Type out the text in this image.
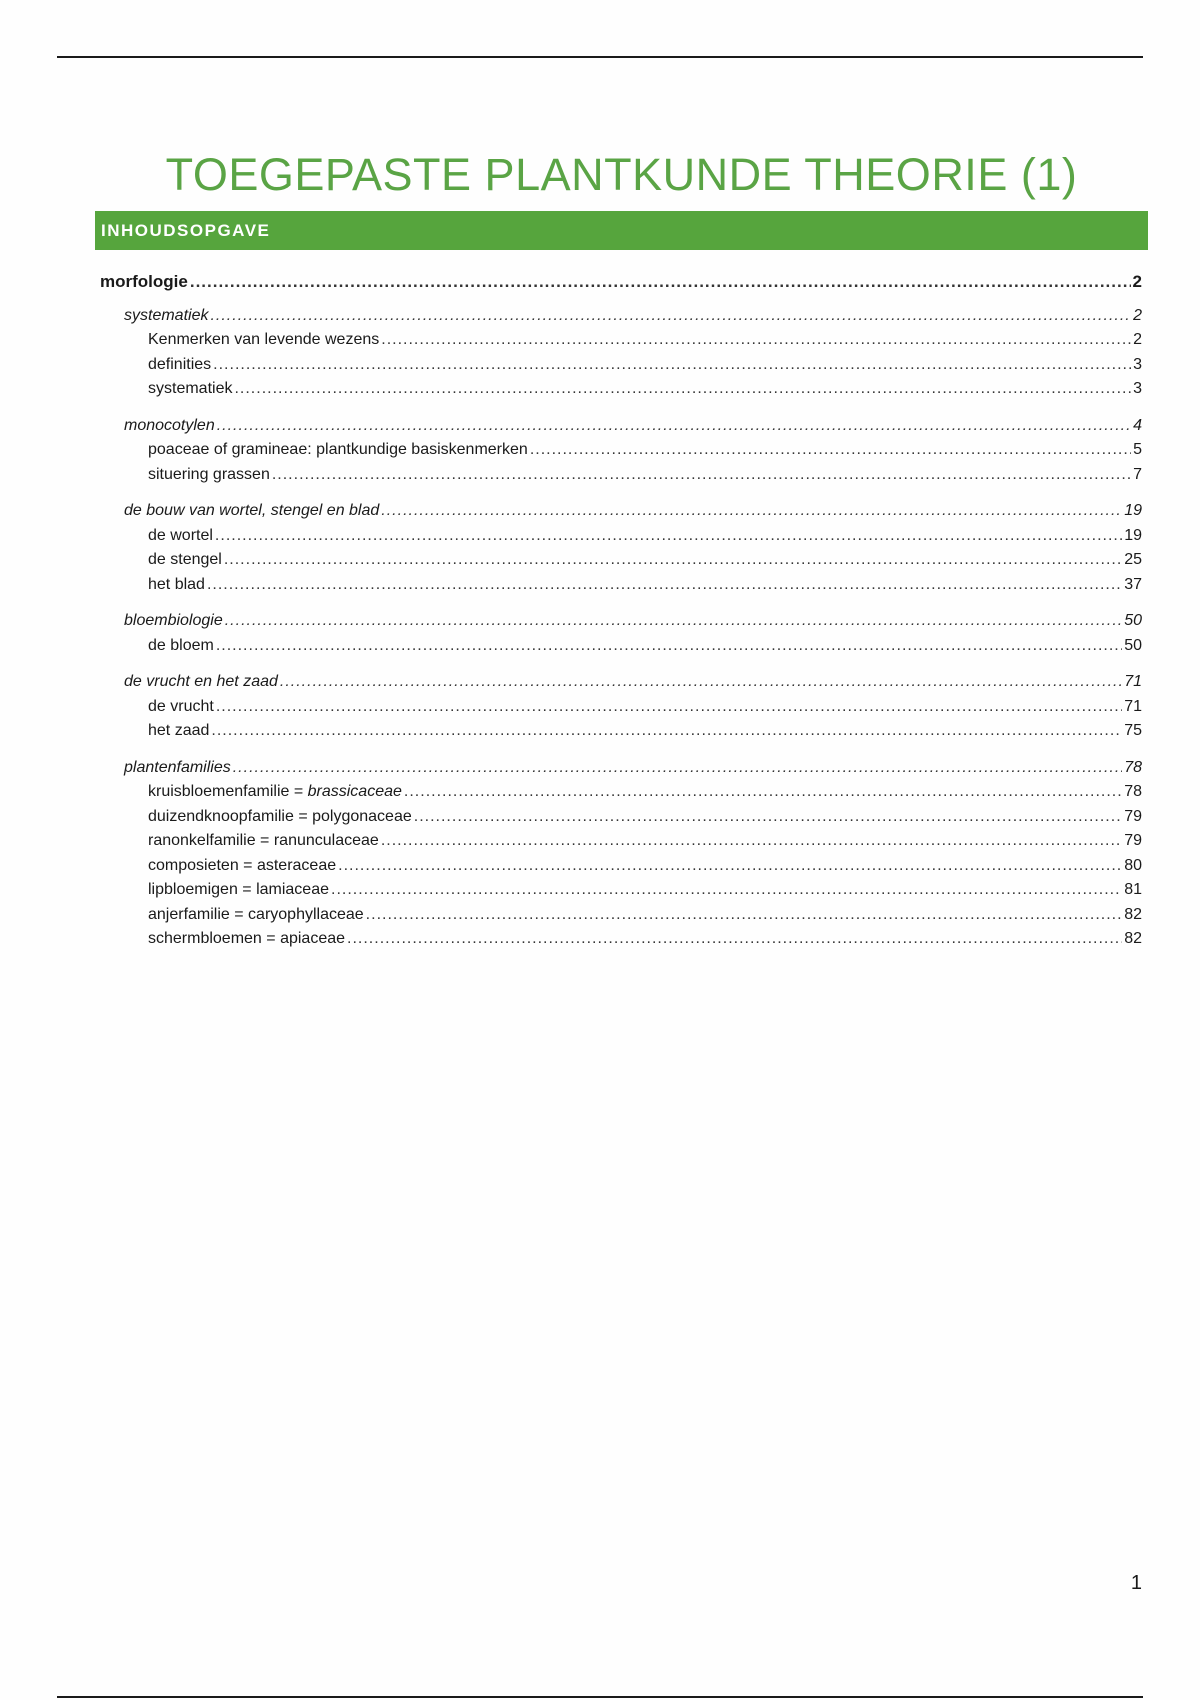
TOEGEPASTE PLANTKUNDE THEORIE (1)
INHOUDSOPGAVE
morfologie .....	2
systematiek .....	2
Kenmerken van levende wezens .....	2
definities .....	3
systematiek .....	3
monocotylen .....	4
poaceae of gramineae: plantkundige basiskenmerken .....	5
situering grassen .....	7
de bouw van wortel, stengel en blad .....	19
de wortel .....	19
de stengel .....	25
het blad .....	37
bloembiologie .....	50
de bloem .....	50
de vrucht en het zaad .....	71
de vrucht .....	71
het zaad .....	75
plantenfamilies .....	78
kruisbloemenfamilie = brassicaceae .....	78
duizendknoopfamilie = polygonaceae .....	79
ranonkelfamilie = ranunculaceae .....	79
composieten = asteraceae .....	80
lipbloemigen = lamiaceae .....	81
anjerfamilie = caryophyllaceae .....	82
schermbloemen = apiaceae .....	82
1
